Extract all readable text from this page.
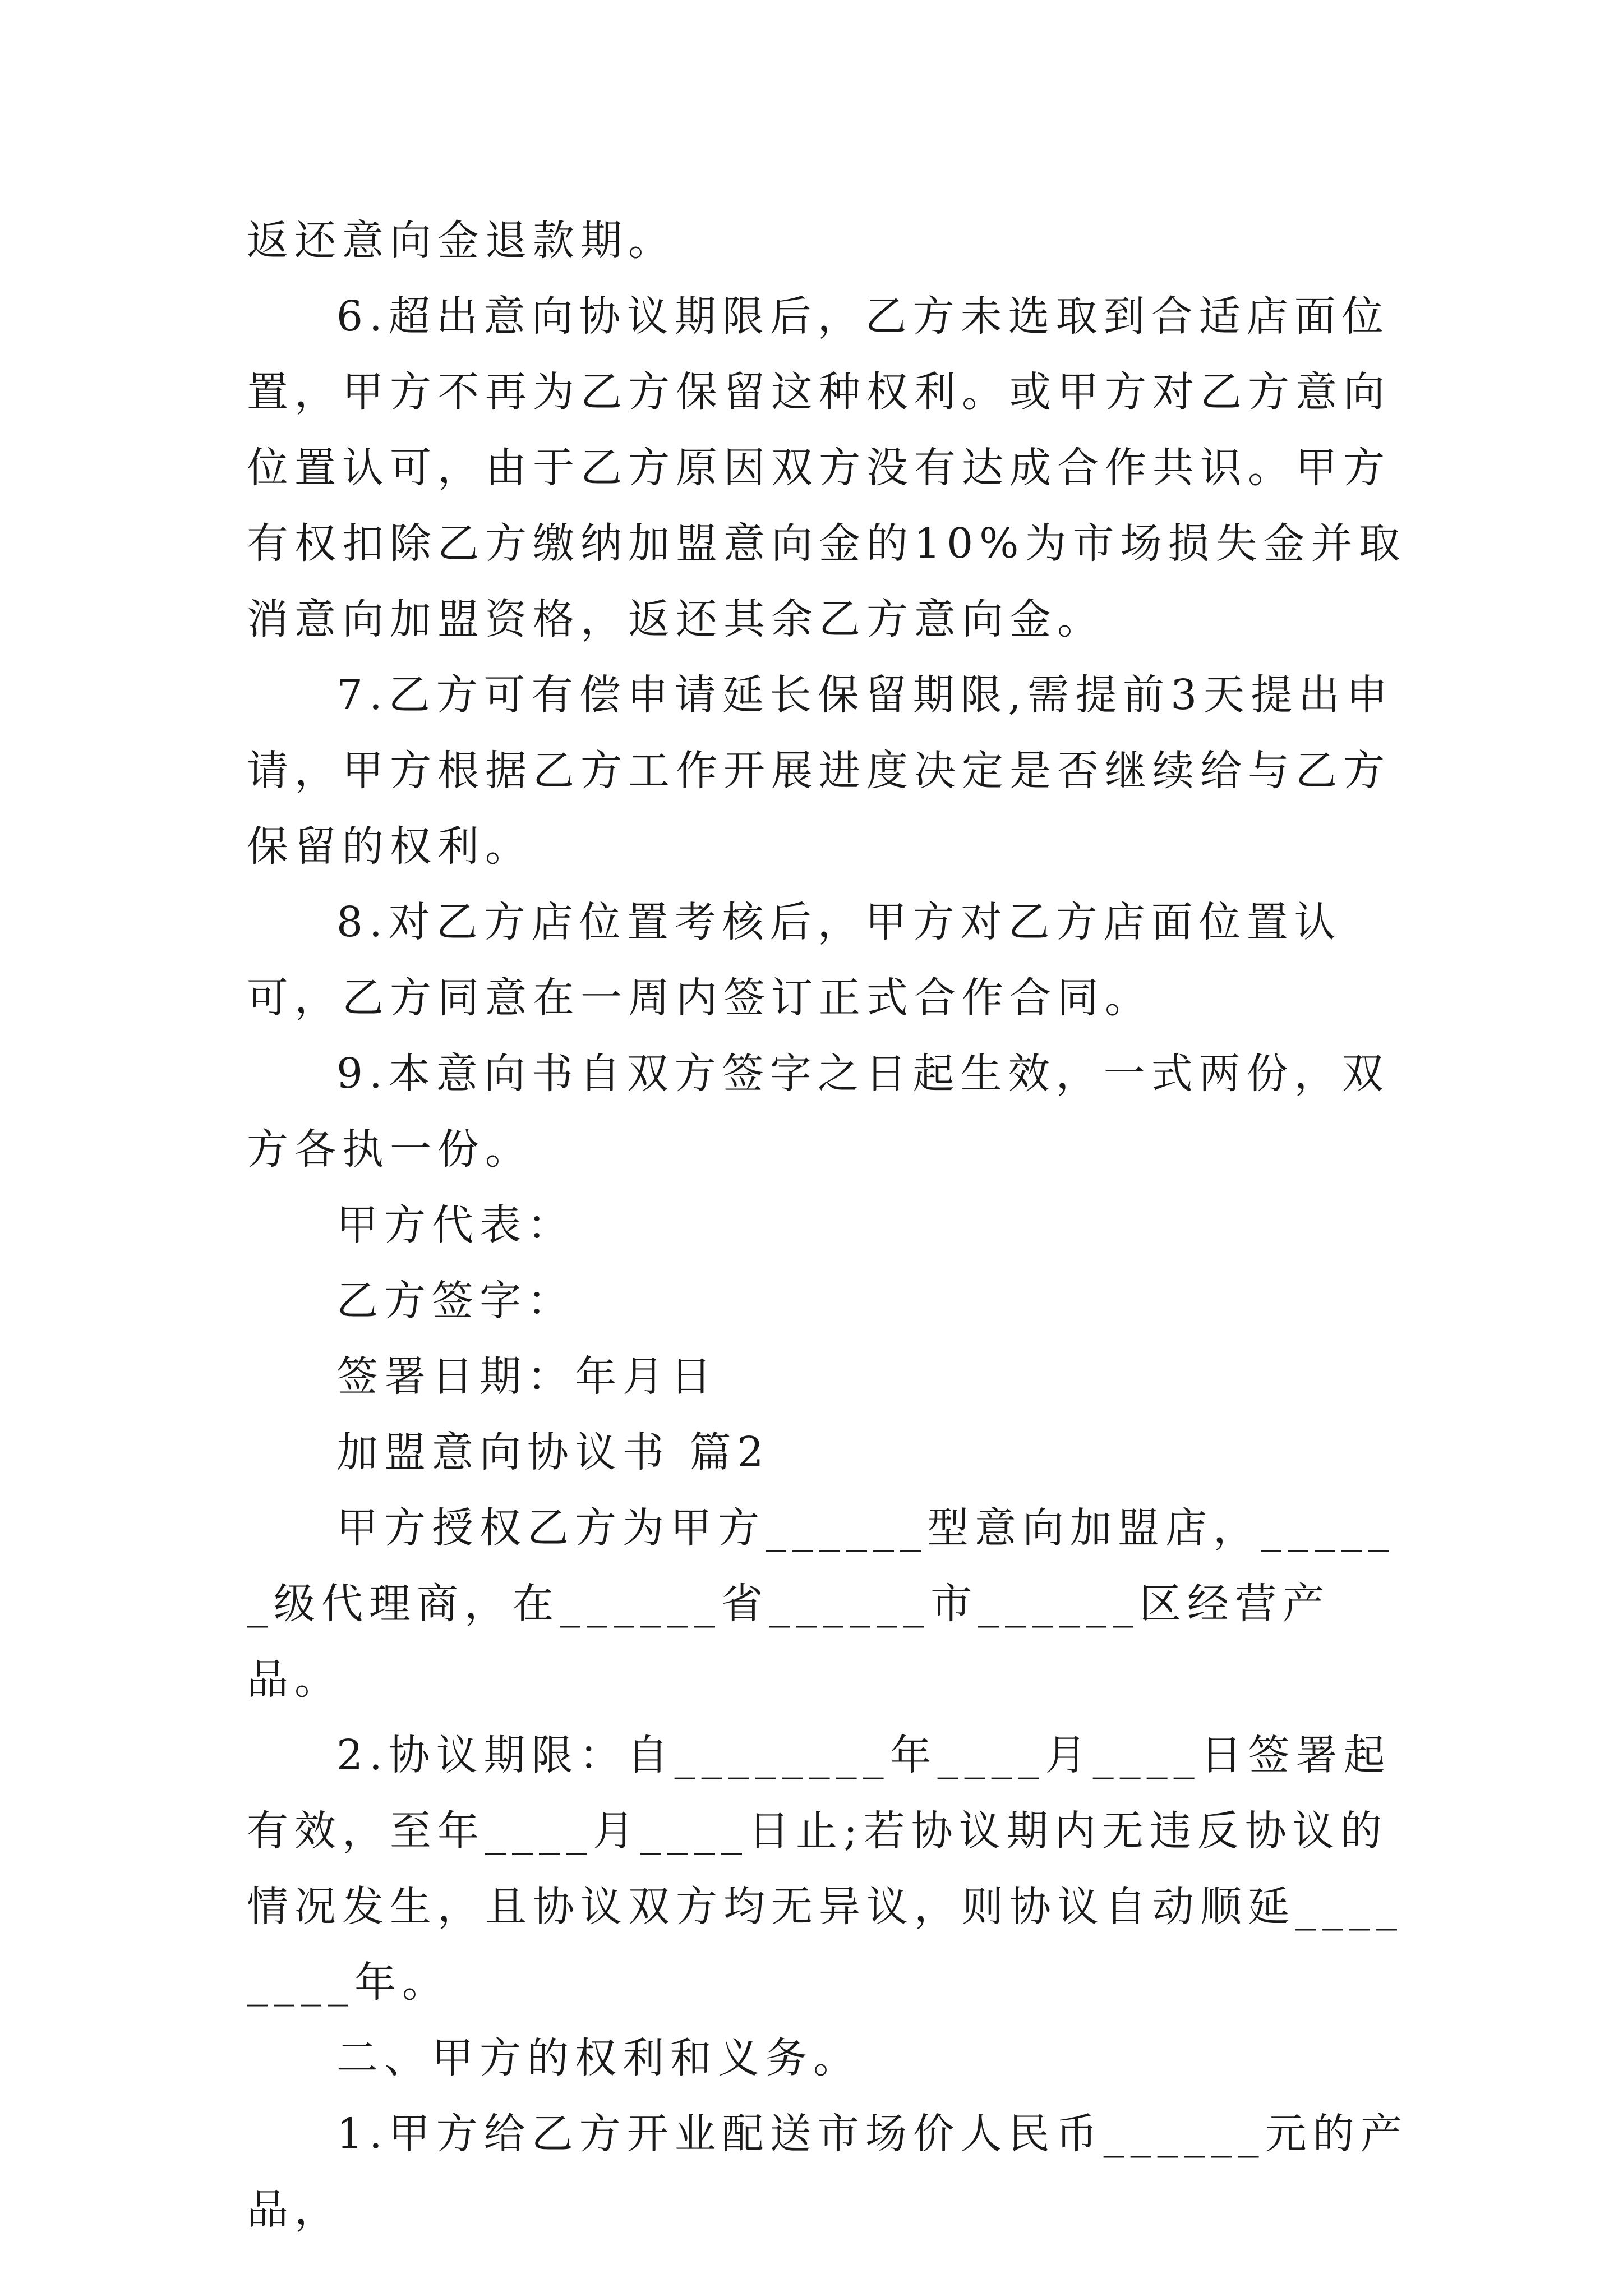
返还意向金退款期。

6.超出意向协议期限后，乙方未选取到合适店面位置，甲方不再为乙方保留这种权利。或甲方对乙方意向位置认可，由于乙方原因双方没有达成合作共识。甲方有权扣除乙方缴纳加盟意向金的10%为市场损失金并取消意向加盟资格，返还其余乙方意向金。

7.乙方可有偿申请延长保留期限,需提前3天提出申请，甲方根据乙方工作开展进度决定是否继续给与乙方保留的权利。

8.对乙方店位置考核后，甲方对乙方店面位置认可，乙方同意在一周内签订正式合作合同。

9.本意向书自双方签字之日起生效，一式两份，双方各执一份。

甲方代表：

乙方签字：

签署日期：年月日

加盟意向协议书 篇2

甲方授权乙方为甲方______型意向加盟店，______级代理商，在______省______市______区经营产品。

2.协议期限：自________年____月____日签署起有效，至年____月____日止;若协议期内无违反协议的情况发生，且协议双方均无异议，则协议自动顺延________年。

二、甲方的权利和义务。

1.甲方给乙方开业配送市场价人民币______元的产品，
